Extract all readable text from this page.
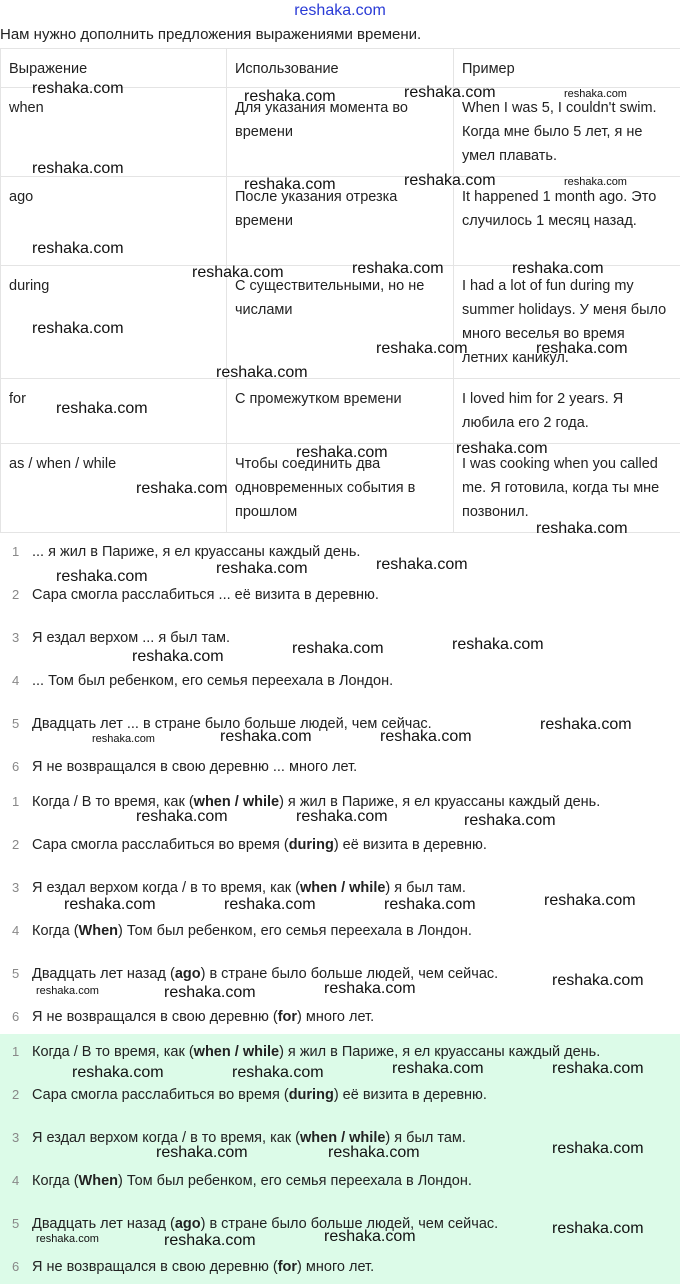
reshaka.com
Нам нужно дополнить предложения выражениями времени.
Выражение	Использование	Пример
when	Для указания момента во времени	When I was 5, I couldn't swim. Когда мне было 5 лет, я не умел плавать.
ago	После указания отрезка времени	It happened 1 month ago. Это случилось 1 месяц назад.
during	С существительными, но не числами	I had a lot of fun during my summer holidays. У меня было много веселья во время летних каникул.
for	С промежутком времени	I loved him for 2 years. Я любила его 2 года.
as / when / while	Чтобы соединить два одновременных события в прошлом	I was cooking when you called me. Я готовила, когда ты мне позвонил.
1 ... я жил в Париже, я ел круассаны каждый день.
2 Сара смогла расслабиться ... её визита в деревню.
3 Я ездал верхом ... я был там.
4 ... Том был ребенком, его семья переехала в Лондон.
5 Двадцать лет ... в стране было больше людей, чем сейчас.
6 Я не возвращался в свою деревню ... много лет.
1 Когда / В то время, как (when / while) я жил в Париже, я ел круассаны каждый день.
2 Сара смогла расслабиться во время (during) её визита в деревню.
3 Я ездал верхом когда / в то время, как (when / while) я был там.
4 Когда (When) Том был ребенком, его семья переехала в Лондон.
5 Двадцать лет назад (ago) в стране было больше людей, чем сейчас.
6 Я не возвращался в свою деревню (for) много лет.
1 Когда / В то время, как (when / while) я жил в Париже, я ел круассаны каждый день.
2 Сара смогла расслабиться во время (during) её визита в деревню.
3 Я ездал верхом когда / в то время, как (when / while) я был там.
4 Когда (When) Том был ребенком, его семья переехала в Лондон.
5 Двадцать лет назад (ago) в стране было больше людей, чем сейчас.
6 Я не возвращался в свою деревню (for) много лет.
reshaka.com	reshaka.com	reshaka.com	reshaka.com
reshaka.com
reshaka.com	reshaka.com	reshaka.com
reshaka.com
reshaka.com	reshaka.com	reshaka.com
reshaka.com
reshaka.com	reshaka.com
reshaka.com
reshaka.com
reshaka.com	reshaka.com
reshaka.com
reshaka.com
reshaka.com	reshaka.com	reshaka.com
reshaka.com	reshaka.com	reshaka.com
reshaka.com
reshaka.com	reshaka.com	reshaka.com
reshaka.com	reshaka.com	reshaka.com
reshaka.com	reshaka.com	reshaka.com	reshaka.com
reshaka.com
reshaka.com	reshaka.com	reshaka.com
reshaka.com	reshaka.com	reshaka.com	reshaka.com
reshaka.com	reshaka.com	reshaka.com
reshaka.com
reshaka.com	reshaka.com	reshaka.com
